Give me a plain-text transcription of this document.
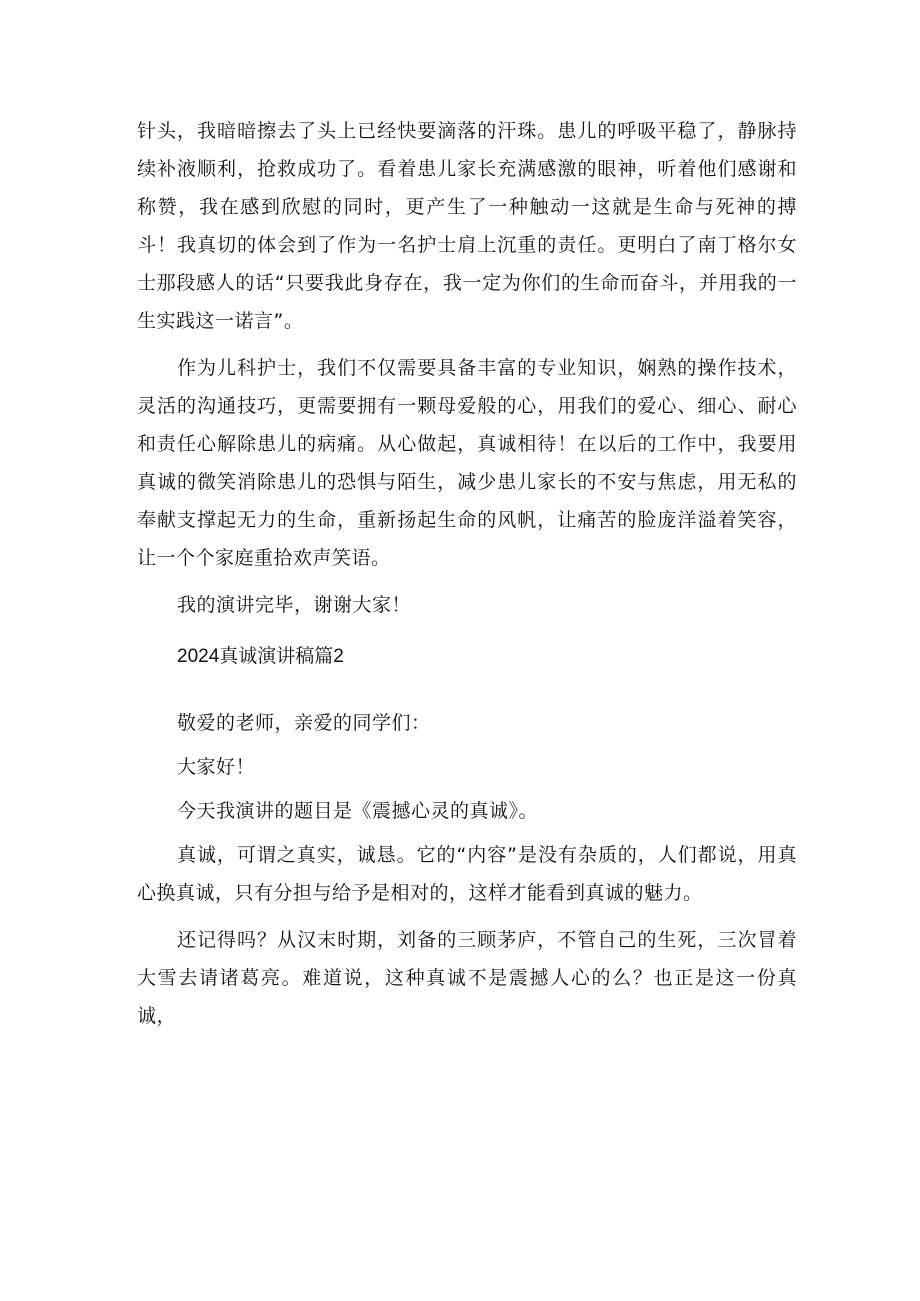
针头，我暗暗擦去了头上已经快要滴落的汗珠。患儿的呼吸平稳了，静脉持续补液顺利，抢救成功了。看着患儿家长充满感激的眼神，听着他们感谢和称赞，我在感到欣慰的同时，更产生了一种触动一这就是生命与死神的搏斗！我真切的体会到了作为一名护士肩上沉重的责任。更明白了南丁格尔女士那段感人的话“只要我此身存在，我一定为你们的生命而奋斗，并用我的一生实践这一诺言”。

作为儿科护士，我们不仅需要具备丰富的专业知识，娴熟的操作技术，灵活的沟通技巧，更需要拥有一颗母爱般的心，用我们的爱心、细心、耐心和责任心解除患儿的病痛。从心做起，真诚相待！在以后的工作中，我要用真诚的微笑消除患儿的恐惧与陌生，减少患儿家长的不安与焦虑，用无私的奉献支撑起无力的生命，重新扬起生命的风帆，让痛苦的脸庞洋溢着笑容，让一个个家庭重拾欢声笑语。

我的演讲完毕，谢谢大家！

2024真诚演讲稿篇2

敬爱的老师，亲爱的同学们：

大家好！

今天我演讲的题目是《震撼心灵的真诚》。

真诚，可谓之真实，诚恳。它的“内容”是没有杂质的，人们都说，用真心换真诚，只有分担与给予是相对的，这样才能看到真诚的魅力。

还记得吗？从汉末时期，刘备的三顾茅庐，不管自己的生死，三次冒着大雪去请诸葛亮。难道说，这种真诚不是震撼人心的么？也正是这一份真诚，
